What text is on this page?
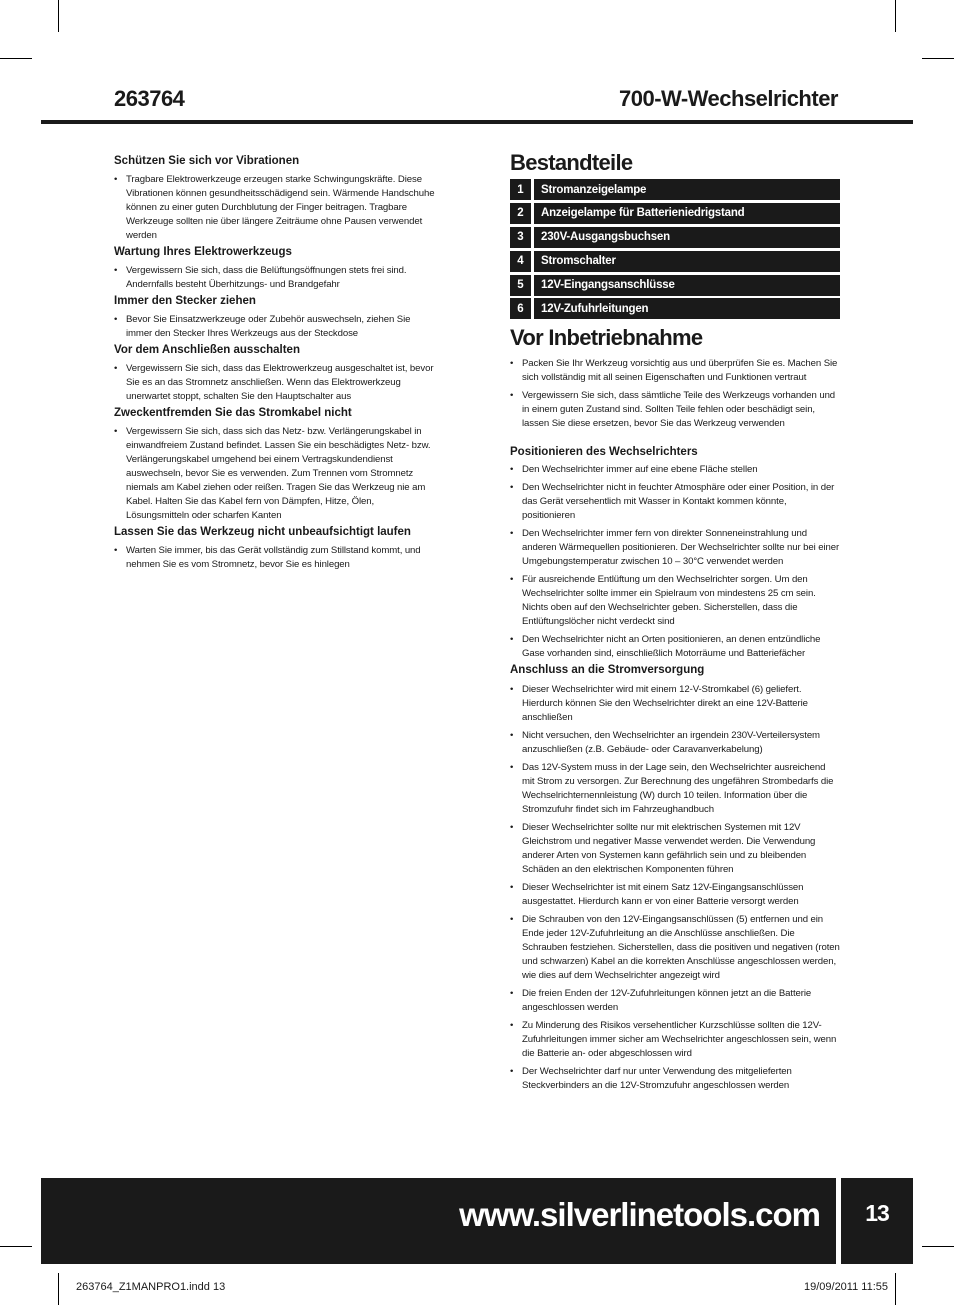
263764	700-W-Wechselrichter
Schützen Sie sich vor Vibrationen
• Tragbare Elektrowerkzeuge erzeugen starke Schwingungskräfte. Diese Vibrationen können gesundheitsschädigend sein. Wärmende Handschuhe können zu einer guten Durchblutung der Finger beitragen. Tragbare Werkzeuge sollten nie über längere Zeiträume ohne Pausen verwendet werden
Wartung Ihres Elektrowerkzeugs
• Vergewissern Sie sich, dass die Belüftungsöffnungen stets frei sind. Andernfalls besteht Überhitzungs- und Brandgefahr
Immer den Stecker ziehen
• Bevor Sie Einsatzwerkzeuge oder Zubehör auswechseln, ziehen Sie immer den Stecker Ihres Werkzeugs aus der Steckdose
Vor dem Anschließen ausschalten
• Vergewissern Sie sich, dass das Elektrowerkzeug ausgeschaltet ist, bevor Sie es an das Stromnetz anschließen. Wenn das Elektrowerkzeug unerwartet stoppt, schalten Sie den Hauptschalter aus
Zweckentfremden Sie das Stromkabel nicht
• Vergewissern Sie sich, dass sich das Netz- bzw. Verlängerungskabel in einwandfreiem Zustand befindet. Lassen Sie ein beschädigtes Netz- bzw. Verlängerungskabel umgehend bei einem Vertragskundendienst auswechseln, bevor Sie es verwenden. Zum Trennen vom Stromnetz niemals am Kabel ziehen oder reißen. Tragen Sie das Werkzeug nie am Kabel. Halten Sie das Kabel fern von Dämpfen, Hitze, Ölen, Lösungsmitteln oder scharfen Kanten
Lassen Sie das Werkzeug nicht unbeaufsichtigt laufen
• Warten Sie immer, bis das Gerät vollständig zum Stillstand kommt, und nehmen Sie es vom Stromnetz, bevor Sie es hinlegen
Bestandteile
1	Stromanzeigelampe
2	Anzeigelampe für Batterieniedrigstand
3	230V-Ausgangsbuchsen
4	Stromschalter
5	12V-Eingangsanschlüsse
6	12V-Zufuhrleitungen
Vor Inbetriebnahme
• Packen Sie Ihr Werkzeug vorsichtig aus und überprüfen Sie es. Machen Sie sich vollständig mit all seinen Eigenschaften und Funktionen vertraut
• Vergewissern Sie sich, dass sämtliche Teile des Werkzeugs vorhanden und in einem guten Zustand sind. Sollten Teile fehlen oder beschädigt sein, lassen Sie diese ersetzen, bevor Sie das Werkzeug verwenden
Positionieren des Wechselrichters
• Den Wechselrichter immer auf eine ebene Fläche stellen
• Den Wechselrichter nicht in feuchter Atmosphäre oder einer Position, in der das Gerät versehentlich mit Wasser in Kontakt kommen könnte, positionieren
• Den Wechselrichter immer fern von direkter Sonneneinstrahlung und anderen Wärmequellen positionieren. Der Wechselrichter sollte nur bei einer Umgebungstemperatur zwischen 10 – 30°C verwendet werden
• Für ausreichende Entlüftung um den Wechselrichter sorgen. Um den Wechselrichter sollte immer ein Spielraum von mindestens 25 cm sein. Nichts oben auf den Wechselrichter geben. Sicherstellen, dass die Entlüftungslöcher nicht verdeckt sind
• Den Wechselrichter nicht an Orten positionieren, an denen entzündliche Gase vorhanden sind, einschließlich Motorräume und Batteriefächer
Anschluss an die Stromversorgung
• Dieser Wechselrichter wird mit einem 12-V-Stromkabel (6) geliefert. Hierdurch können Sie den Wechselrichter direkt an eine 12V-Batterie anschließen
• Nicht versuchen, den Wechselrichter an irgendein 230V-Verteilersystem anzuschließen (z.B. Gebäude- oder Caravanverkabelung)
• Das 12V-System muss in der Lage sein, den Wechselrichter ausreichend mit Strom zu versorgen. Zur Berechnung des ungefähren Strombedarfs die Wechselrichternennleistung (W) durch 10 teilen. Information über die Stromzufuhr findet sich im Fahrzeughandbuch
• Dieser Wechselrichter sollte nur mit elektrischen Systemen mit 12V Gleichstrom und negativer Masse verwendet werden. Die Verwendung anderer Arten von Systemen kann gefährlich sein und zu bleibenden Schäden an den elektrischen Komponenten führen
• Dieser Wechselrichter ist mit einem Satz 12V-Eingangsanschlüssen ausgestattet. Hierdurch kann er von einer Batterie versorgt werden
• Die Schrauben von den 12V-Eingangsanschlüssen (5) entfernen und ein Ende jeder 12V-Zufuhrleitung an die Anschlüsse anschließen. Die Schrauben festziehen. Sicherstellen, dass die positiven und negativen (roten und schwarzen) Kabel an die korrekten Anschlüsse angeschlossen werden, wie dies auf dem Wechselrichter angezeigt wird
• Die freien Enden der 12V-Zufuhrleitungen können jetzt an die Batterie angeschlossen werden
• Zu Minderung des Risikos versehentlicher Kurzschlüsse sollten die 12V-Zufuhrleitungen immer sicher am Wechselrichter angeschlossen sein, wenn die Batterie an- oder abgeschlossen wird
• Der Wechselrichter darf nur unter Verwendung des mitgelieferten Steckverbinders an die 12V-Stromzufuhr angeschlossen werden
www.silverlinetools.com	13
263764_Z1MANPRO1.indd 13	19/09/2011 11:55
